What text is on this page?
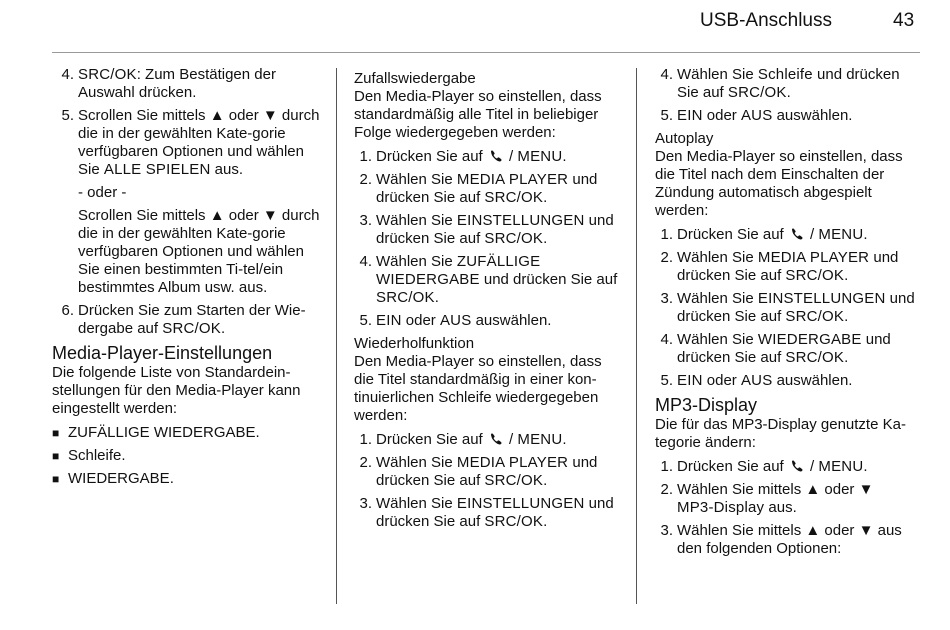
USB-Anschluss	43
4. SRC/OK: Zum Bestätigen der Auswahl drücken.
5. Scrollen Sie mittels ▲ oder ▼ durch die in der gewählten Kate-gorie verfügbaren Optionen und wählen Sie ALLE SPIELEN aus.
- oder -
Scrollen Sie mittels ▲ oder ▼ durch die in der gewählten Kate-gorie verfügbaren Optionen und wählen Sie einen bestimmten Ti-tel/ein bestimmtes Album usw. aus.
6. Drücken Sie zum Starten der Wie-dergabe auf SRC/OK.
Media-Player-Einstellungen
Die folgende Liste von Standardein-stellungen für den Media-Player kann eingestellt werden:
■ ZUFÄLLIGE WIEDERGABE .
■ Schleife .
■ WIEDERGABE .
Zufallswiedergabe
Den Media-Player so einstellen, dass standardmäßig alle Titel in beliebiger Folge wiedergegeben werden:
1. Drücken Sie auf  / MENU.
2. Wählen Sie MEDIA PLAYER und drücken Sie auf SRC/OK.
3. Wählen Sie EINSTELLUNGEN und drücken Sie auf SRC/OK.
4. Wählen Sie ZUFÄLLIGE WIEDERGABE und drücken Sie auf SRC/OK.
5. EIN oder AUS auswählen.
Wiederholfunktion
Den Media-Player so einstellen, dass die Titel standardmäßig in einer kon-tinuierlichen Schleife wiedergegeben werden:
1. Drücken Sie auf  / MENU.
2. Wählen Sie MEDIA PLAYER und drücken Sie auf SRC/OK.
3. Wählen Sie EINSTELLUNGEN und drücken Sie auf SRC/OK.
4. Wählen Sie Schleife und drücken Sie auf SRC/OK.
5. EIN oder AUS auswählen.
Autoplay
Den Media-Player so einstellen, dass die Titel nach dem Einschalten der Zündung automatisch abgespielt werden:
1. Drücken Sie auf  / MENU.
2. Wählen Sie MEDIA PLAYER und drücken Sie auf SRC/OK.
3. Wählen Sie EINSTELLUNGEN und drücken Sie auf SRC/OK.
4. Wählen Sie WIEDERGABE und drücken Sie auf SRC/OK.
5. EIN oder AUS auswählen.
MP3-Display
Die für das MP3-Display genutzte Ka-tegorie ändern:
1. Drücken Sie auf  / MENU.
2. Wählen Sie mittels ▲ oder ▼
MP3-Display aus.
3. Wählen Sie mittels ▲ oder ▼ aus den folgenden Optionen:
